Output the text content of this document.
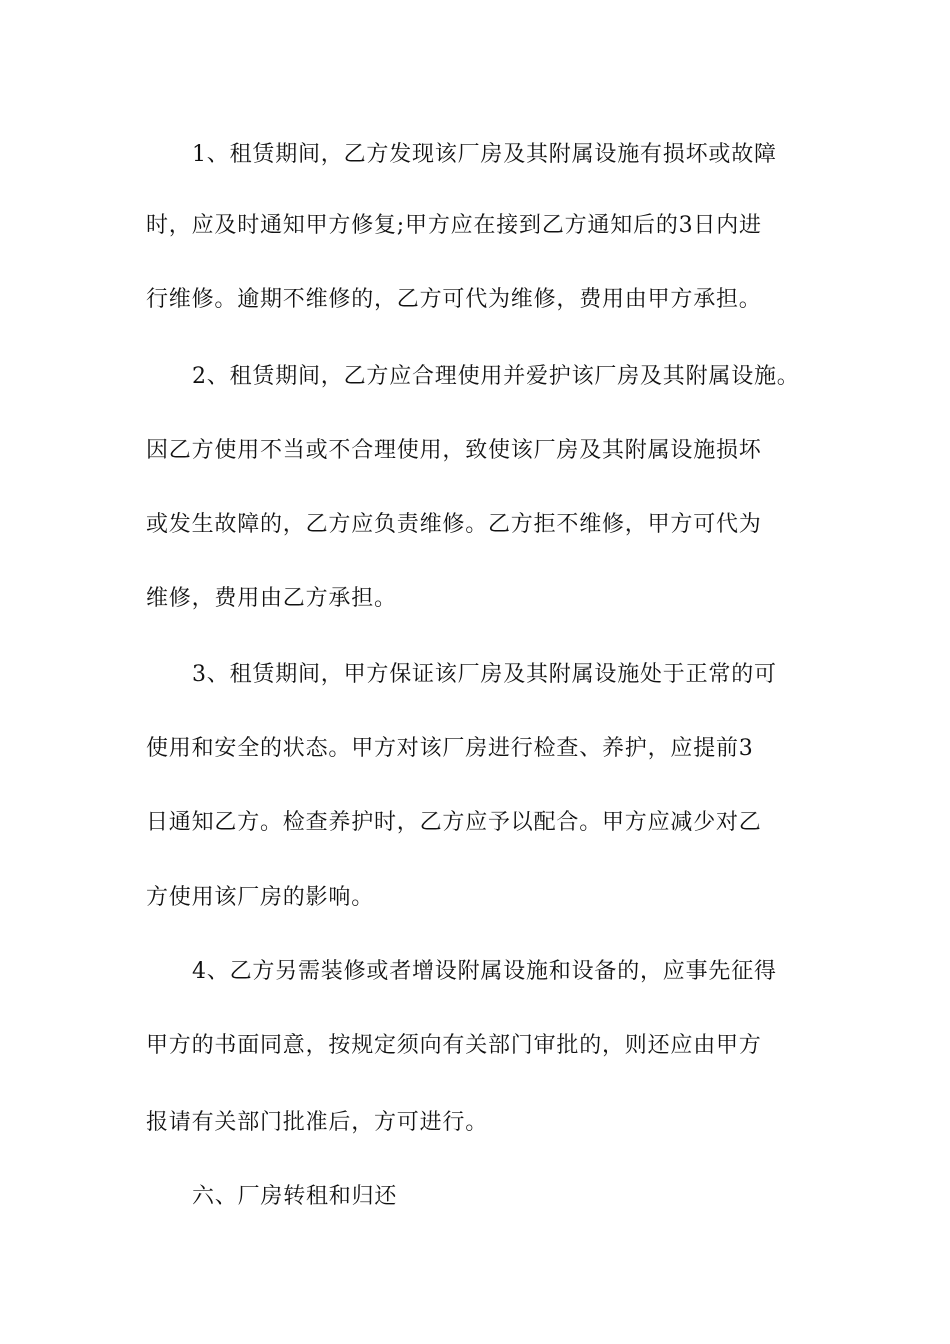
1、租赁期间，乙方发现该厂房及其附属设施有损坏或故障
时，应及时通知甲方修复;甲方应在接到乙方通知后的3日内进
行维修。逾期不维修的，乙方可代为维修，费用由甲方承担。
2、租赁期间，乙方应合理使用并爱护该厂房及其附属设施。
因乙方使用不当或不合理使用，致使该厂房及其附属设施损坏
或发生故障的，乙方应负责维修。乙方拒不维修，甲方可代为
维修，费用由乙方承担。
3、租赁期间，甲方保证该厂房及其附属设施处于正常的可
使用和安全的状态。甲方对该厂房进行检查、养护，应提前3
日通知乙方。检查养护时，乙方应予以配合。甲方应减少对乙
方使用该厂房的影响。
4、乙方另需装修或者增设附属设施和设备的，应事先征得
甲方的书面同意，按规定须向有关部门审批的，则还应由甲方
报请有关部门批准后，方可进行。
六、厂房转租和归还
